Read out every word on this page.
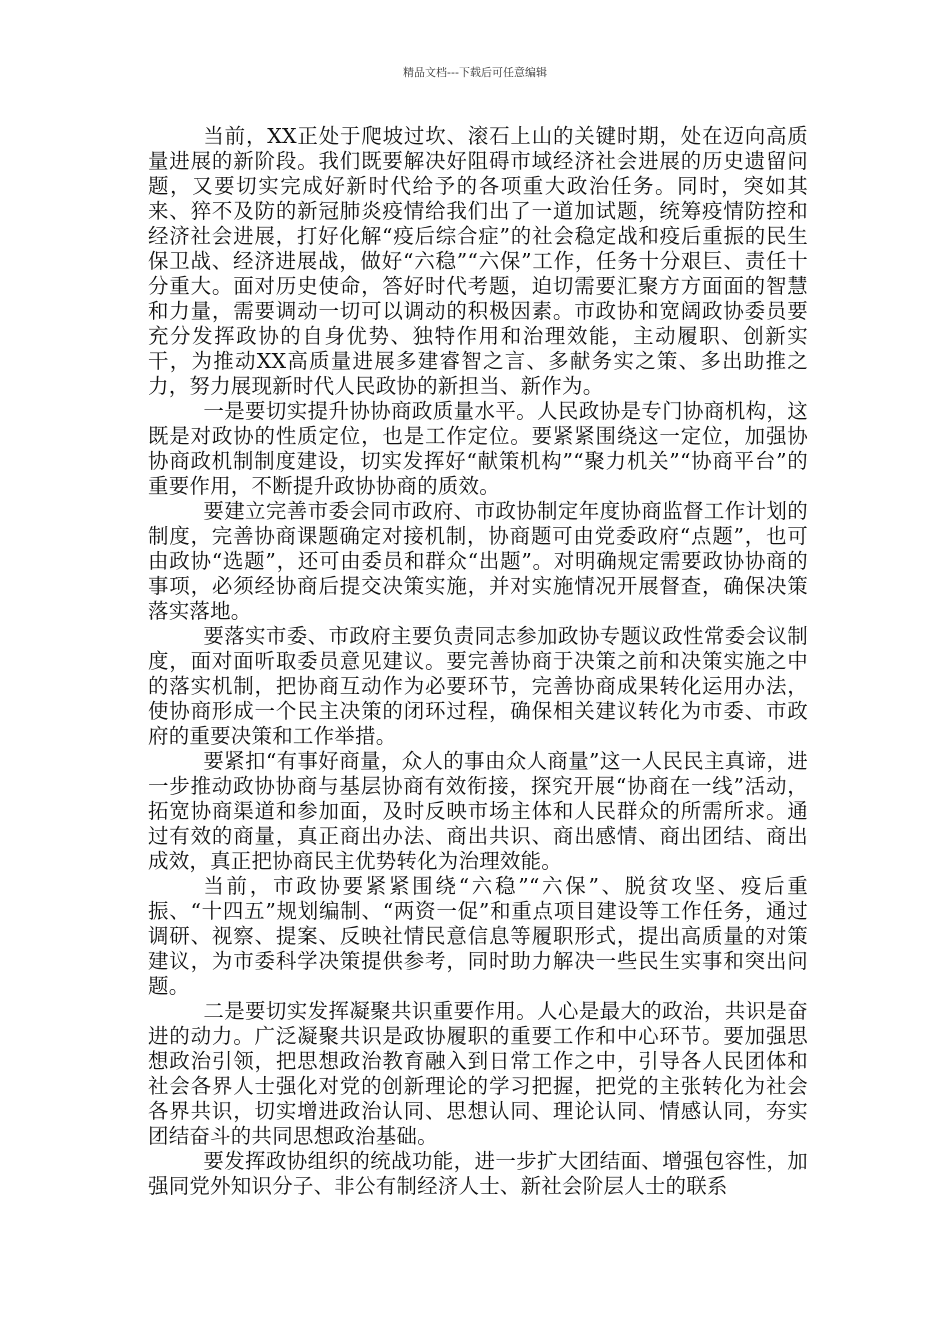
精品文档---下载后可任意编辑

当前，XX正处于爬坡过坎、滚石上山的关键时期，处在迈向高质量进展的新阶段。我们既要解决好阻碍市域经济社会进展的历史遗留问题，又要切实完成好新时代给予的各项重大政治任务。同时，突如其来、猝不及防的新冠肺炎疫情给我们出了一道加试题，统筹疫情防控和经济社会进展，打好化解“疫后综合症”的社会稳定战和疫后重振的民生保卫战、经济进展战，做好“六稳”“六保”工作，任务十分艰巨、责任十分重大。面对历史使命，答好时代考题，迫切需要汇聚方方面面的智慧和力量，需要调动一切可以调动的积极因素。市政协和宽阔政协委员要充分发挥政协的自身优势、独特作用和治理效能，主动履职、创新实干，为推动XX高质量进展多建睿智之言、多献务实之策、多出助推之力，努力展现新时代人民政协的新担当、新作为。

一是要切实提升协协商政质量水平。人民政协是专门协商机构，这既是对政协的性质定位，也是工作定位。要紧紧围绕这一定位，加强协协商政机制制度建设，切实发挥好“献策机构”“聚力机关”“协商平台”的重要作用，不断提升政协协商的质效。

要建立完善市委会同市政府、市政协制定年度协商监督工作计划的制度，完善协商课题确定对接机制，协商题可由党委政府“点题”，也可由政协“选题”，还可由委员和群众“出题”。对明确规定需要政协协商的事项，必须经协商后提交决策实施，并对实施情况开展督查，确保决策落实落地。

要落实市委、市政府主要负责同志参加政协专题议政性常委会议制度，面对面听取委员意见建议。要完善协商于决策之前和决策实施之中的落实机制，把协商互动作为必要环节，完善协商成果转化运用办法，使协商形成一个民主决策的闭环过程，确保相关建议转化为市委、市政府的重要决策和工作举措。

要紧扣“有事好商量，众人的事由众人商量”这一人民民主真谛，进一步推动政协协商与基层协商有效衔接，探究开展“协商在一线”活动，拓宽协商渠道和参加面，及时反映市场主体和人民群众的所需所求。通过有效的商量，真正商出办法、商出共识、商出感情、商出团结、商出成效，真正把协商民主优势转化为治理效能。

当前，市政协要紧紧围绕“六稳”“六保”、脱贫攻坚、疫后重振、“十四五”规划编制、“两资一促”和重点项目建设等工作任务，通过调研、视察、提案、反映社情民意信息等履职形式，提出高质量的对策建议，为市委科学决策提供参考，同时助力解决一些民生实事和突出问题。

二是要切实发挥凝聚共识重要作用。人心是最大的政治，共识是奋进的动力。广泛凝聚共识是政协履职的重要工作和中心环节。要加强思想政治引领，把思想政治教育融入到日常工作之中，引导各人民团体和社会各界人士强化对党的创新理论的学习把握，把党的主张转化为社会各界共识，切实增进政治认同、思想认同、理论认同、情感认同，夯实团结奋斗的共同思想政治基础。

要发挥政协组织的统战功能，进一步扩大团结面、增强包容性，加强同党外知识分子、非公有制经济人士、新社会阶层人士的联系
